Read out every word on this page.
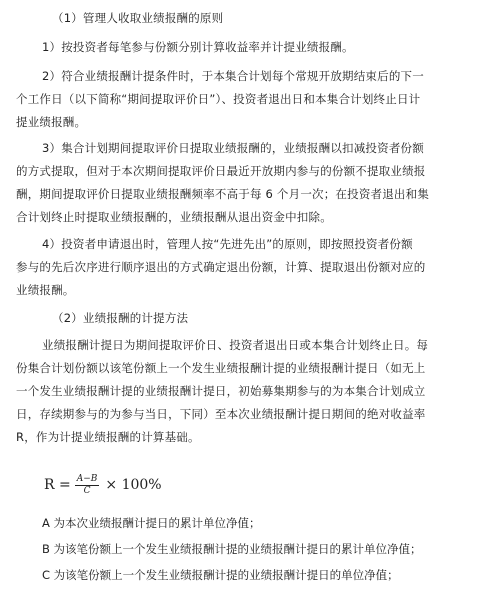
（1）管理人收取业绩报酬的原则
1）按投资者每笔参与份额分别计算收益率并计提业绩报酬。
2）符合业绩报酬计提条件时，于本集合计划每个常规开放期结束后的下一
个工作日（以下简称“期间提取评价日”）、投资者退出日和本集合计划终止日计
提业绩报酬。
3）集合计划期间提取评价日提取业绩报酬的，业绩报酬以扣减投资者份额
的方式提取，但对于本次期间提取评价日最近开放期内参与的份额不提取业绩报
酬，期间提取评价日提取业绩报酬频率不高于每 6 个月一次；在投资者退出和集
合计划终止时提取业绩报酬的，业绩报酬从退出资金中扣除。
4）投资者申请退出时，管理人按“先进先出”的原则，即按照投资者份额
参与的先后次序进行顺序退出的方式确定退出份额，计算、提取退出份额对应的
业绩报酬。
（2）业绩报酬的计提方法
业绩报酬计提日为期间提取评价日、投资者退出日或本集合计划终止日。每
份集合计划份额以该笔份额上一个发生业绩报酬计提的业绩报酬计提日（如无上
一个发生业绩报酬计提的业绩报酬计提日，初始募集期参与的为本集合计划成立
日，存续期参与的为参与当日，下同）至本次业绩报酬计提日期间的绝对收益率
R，作为计提业绩报酬的计算基础。
$R = \frac{A-B}{C} \times 100\%$
A 为本次业绩报酬计提日的累计单位净值；
B 为该笔份额上一个发生业绩报酬计提的业绩报酬计提日的累计单位净值；
C 为该笔份额上一个发生业绩报酬计提的业绩报酬计提日的单位净值；
